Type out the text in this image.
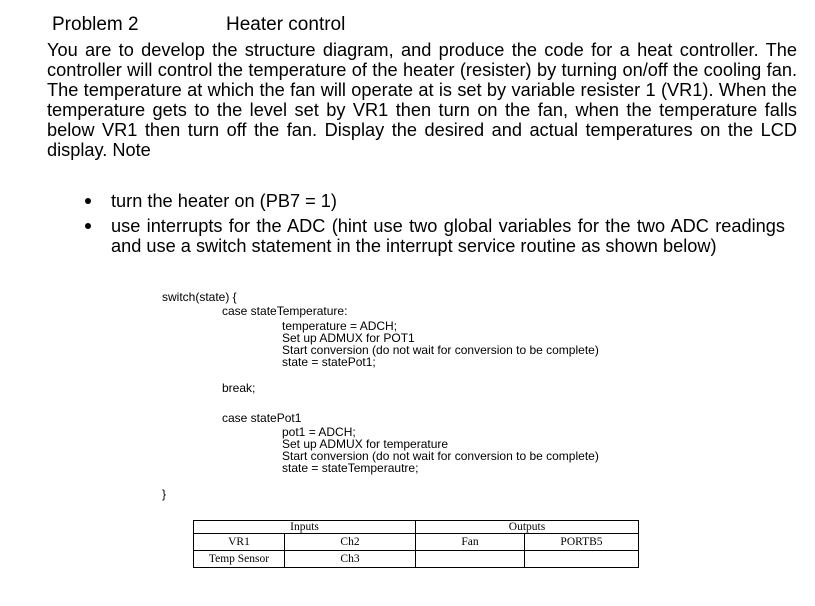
Problem 2	Heater control

You are to develop the structure diagram, and produce the code for a heat controller. The controller will control the temperature of the heater (resister) by turning on/off the cooling fan. The temperature at which the fan will operate at is set by variable resister 1 (VR1). When the temperature gets to the level set by VR1 then turn on the fan, when the temperature falls below VR1 then turn off the fan. Display the desired and actual temperatures on the LCD display. Note

turn the heater on (PB7 = 1)
use interrupts for the ADC (hint use two global variables for the two ADC readings and use a switch statement in the interrupt service routine as shown below)
switch(state) {
case stateTemperature:
temperature = ADCH;
Set up ADMUX for POT1
Start conversion (do not wait for conversion to be complete)
state = statePot1;
break;
case statePot1
pot1 = ADCH;
Set up ADMUX for temperature
Start conversion (do not wait for conversion to be complete)
state = stateTemperautre;
}
Inputs		Outputs	
VR1	Ch2	Fan	PORTB5
Temp Sensor	Ch3		
